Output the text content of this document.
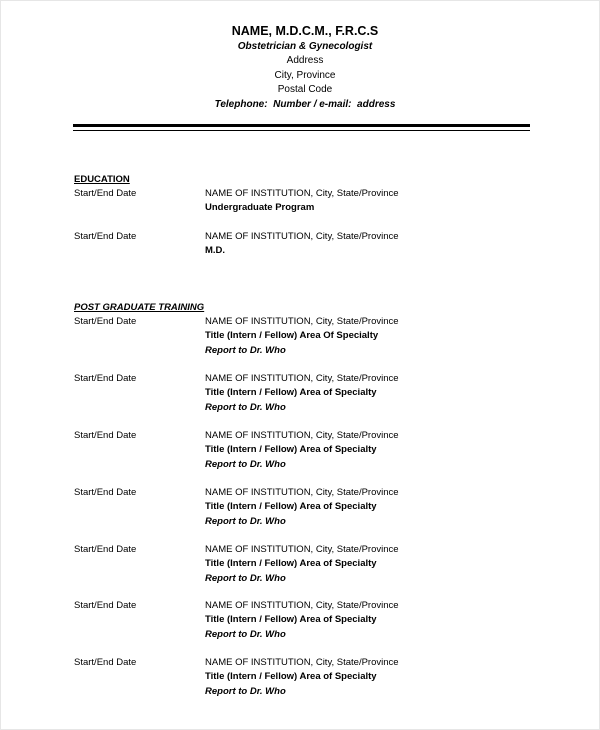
NAME, M.D.C.M., F.R.C.S
Obstetrician & Gynecologist
Address
City, Province
Postal Code
Telephone:  Number / e-mail:  address
EDUCATION
Start/End Date	NAME OF INSTITUTION, City, State/Province
Undergraduate Program
Start/End Date	NAME OF INSTITUTION, City, State/Province
M.D.
POST GRADUATE TRAINING
Start/End Date	NAME OF INSTITUTION, City, State/Province
Title (Intern / Fellow) Area Of Specialty
Report to Dr. Who
Start/End Date	NAME OF INSTITUTION, City, State/Province
Title (Intern / Fellow) Area of Specialty
Report to Dr. Who
Start/End Date	NAME OF INSTITUTION, City, State/Province
Title (Intern / Fellow) Area of Specialty
Report to Dr. Who
Start/End Date	NAME OF INSTITUTION, City, State/Province
Title (Intern / Fellow) Area of Specialty
Report to Dr. Who
Start/End Date	NAME OF INSTITUTION, City, State/Province
Title (Intern / Fellow) Area of Specialty
Report to Dr. Who
Start/End Date	NAME OF INSTITUTION, City, State/Province
Title (Intern / Fellow) Area of Specialty
Report to Dr. Who
Start/End Date	NAME OF INSTITUTION, City, State/Province
Title (Intern / Fellow) Area of Specialty
Report to Dr. Who
